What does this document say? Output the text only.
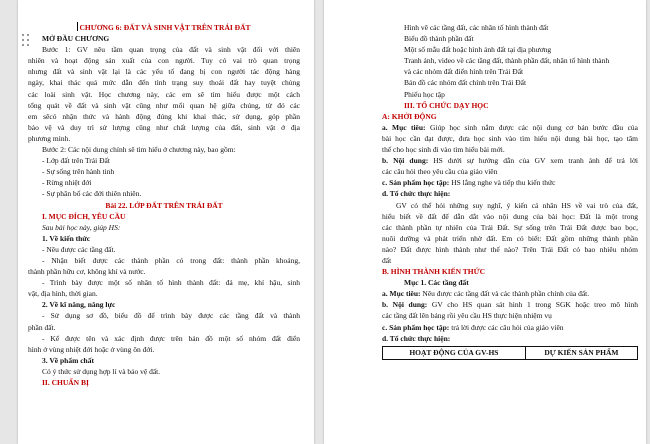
CHƯƠNG 6: ĐẤT VÀ SINH VẬT TRÊN TRÁI ĐẤT
MỞ ĐẦU CHƯƠNG
Bước 1: GV nêu tầm quan trọng của đất và sinh vật đối với thiên
nhiên và hoạt động sản xuất của con người. Tuy có vai trò quan trọng
nhưng đất và sinh vật lại là các yếu tố đang bị con người tác động hàng
ngày, khai thác quá mức dẫn đến tình trạng suy thoái đất hay tuyệt chủng
các loài sinh vật. Học chương này, các em sẽ tìm hiểu được một cách
tổng quát về đất và sinh vật cũng như mối quan hệ giữa chúng, từ đó các
em sẽcó nhận thức và hành động đúng khi khai thác, sử dụng, góp phần
bảo vệ và duy trì sử lượng cũng như chất lượng của đất, sinh vật ở địa
phương mình.
Bước 2: Các nội dung chính sẽ tìm hiểu ở chương này, bao gồm:
- Lớp đất trên Trái Đất
- Sự sống trên hành tinh
- Rừng nhiệt đới
- Sự phân bố các đới thiên nhiên.
Bài 22. LỚP ĐẤT TRÊN TRÁI ĐẤT
I. MỤC ĐÍCH, YÊU CẦU
Sau bài học này, giúp HS:
1. Về kiến thức
- Nêu được các tầng đất.
- Nhận biết được các thành phần có trong đất: thành phần khoáng,
thành phần hữu cơ, không khí và nước.
- Trình bày được một số nhân tố hình thành đất: đá mẹ, khí hậu, sinh
vật, địa hình, thời gian.
2. Về kĩ năng, năng lực
- Sử dụng sơ đồ, biểu đồ để trình bày được các tầng đất và thành
phần đất.
- Kể được tên và xác định được trên bản đồ một số nhóm đất điển
hình ở vùng nhiệt đới hoặc ở vùng ôn đới.
3. Về phẩm chất
Có ý thức sử dụng hợp lí và bảo vệ đất.
II. CHUẨN BỊ
Hình vẽ các tầng đất, các nhân tố hình thành đất
Biểu đồ thành phần đất
Một số mẫu đất hoặc hình ảnh đất tại địa phương
Tranh ảnh, video về các tầng đất, thành phần đất, nhân tố hình thành
và các nhóm đất điển hình trên Trái Đất
Bản đồ các nhóm đất chính trên Trái Đất
Phiếu học tập
III. TỔ CHỨC DẠY HỌC
A: KHỞI ĐỘNG
a. Mục tiêu: Giúp học sinh nắm được các nội dung cơ bản bước đầu của
bài học cần đạt được, đưa học sinh vào tìm hiểu nội dung bài học, tạo tâm
thế cho học sinh đi vào tìm hiểu bài mới.
b. Nội dung: HS dưới sự hướng dẫn của GV xem tranh ảnh để trả lời
các câu hỏi theo yêu cầu của giáo viên
c. Sản phẩm học tập: HS lắng nghe và tiếp thu kiến thức
d. Tổ chức thực hiện:
GV có thể hỏi những suy nghĩ, ý kiến cá nhân HS về vai trò của đất,
hiểu biết về đất để dẫn dắt vào nội dung của bài học: Đất là một trong
các thành phần tự nhiên của Trái Đất. Sự sống trên Trái Đất được bao bọc,
nuôi dưỡng và phát triển nhờ đất. Em có biết: Đất gồm những thành phần
nào? Đất được hình thành như thế nào? Trên Trái Đất có bao nhiêu nhóm
đất
B. HÌNH THÀNH KIẾN THỨC
Mục 1. Các tầng đất
a. Mục tiêu: Nêu được các tầng đất và các thành phần chính của đất.
b. Nội dung: GV cho HS quan sát hình 1 trong SGK hoặc treo mô hình
các tầng đất lên bảng rồi yêu cầu HS thực hiện nhiệm vụ
c. Sản phẩm học tập: trả lời được các câu hỏi của giáo viên
d. Tổ chức thực hiện:
HOẠT ĐỘNG CỦA GV-HS	DỰ KIẾN SẢN PHẨM
